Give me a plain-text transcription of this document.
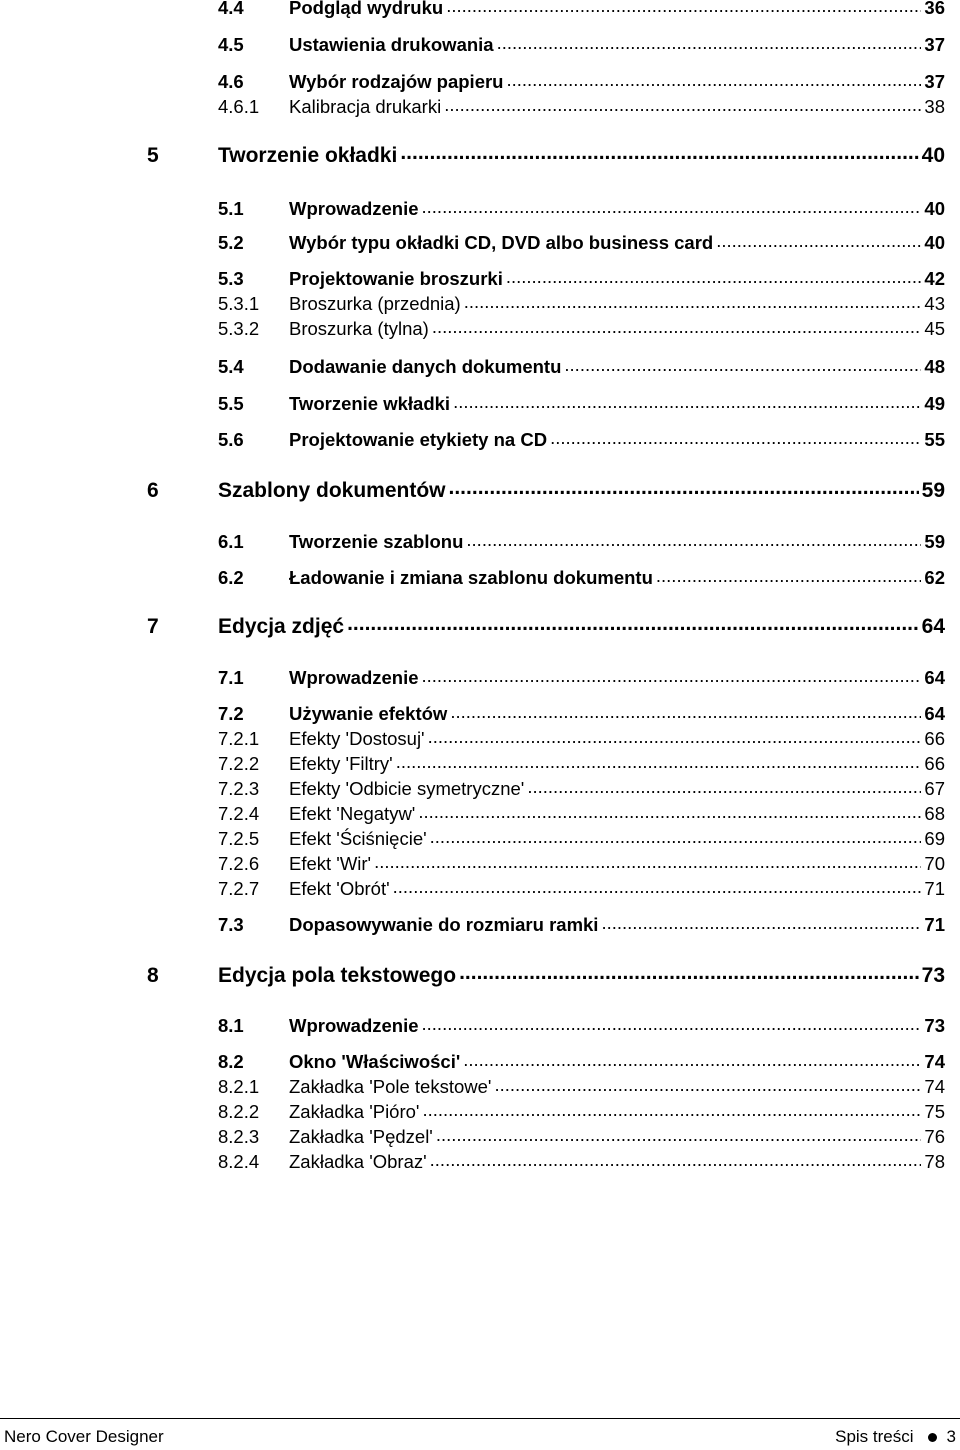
4.4 Podgląd wydruku .....	36
4.5 Ustawienia drukowania .....	37
4.6 Wybór rodzajów papieru .....	37
4.6.1 Kalibracja drukarki .....	38
5	Tworzenie okładki .....	40
5.1 Wprowadzenie .....	40
5.2 Wybór typu okładki CD, DVD albo business card .....	40
5.3 Projektowanie broszurki .....	42
5.3.1 Broszurka (przednia) .....	43
5.3.2 Broszurka (tylna) .....	45
5.4 Dodawanie danych dokumentu .....	48
5.5 Tworzenie wkładki .....	49
5.6 Projektowanie etykiety na CD .....	55
6	Szablony dokumentów .....	59
6.1 Tworzenie szablonu .....	59
6.2 Ładowanie i zmiana szablonu dokumentu .....	62
7	Edycja zdjęć .....	64
7.1 Wprowadzenie .....	64
7.2 Używanie efektów .....	64
7.2.1 Efekty 'Dostosuj' .....	66
7.2.2 Efekty 'Filtry' .....	66
7.2.3 Efekty 'Odbicie symetryczne' .....	67
7.2.4 Efekt 'Negatyw' .....	68
7.2.5 Efekt 'Ściśnięcie' .....	69
7.2.6 Efekt 'Wir' .....	70
7.2.7 Efekt 'Obrót' .....	71
7.3 Dopasowywanie do rozmiaru ramki .....	71
8	Edycja pola tekstowego .....	73
8.1 Wprowadzenie .....	73
8.2 Okno 'Właściwości' .....	74
8.2.1 Zakładka 'Pole tekstowe' .....	74
8.2.2 Zakładka 'Pióro' .....	75
8.2.3 Zakładka 'Pędzel' .....	76
8.2.4 Zakładka 'Obraz' .....	78
Nero Cover Designer	Spis treści 3
